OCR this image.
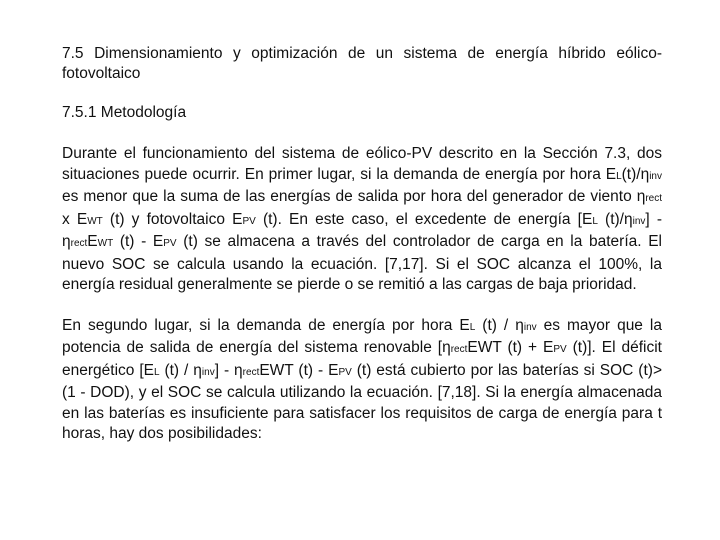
7.5 Dimensionamiento y optimización de un sistema de energía híbrido eólico-fotovoltaico

7.5.1 Metodología

Durante el funcionamiento del sistema de eólico-PV descrito en la Sección 7.3, dos situaciones puede ocurrir. En primer lugar, si la demanda de energía por hora EL(t)/ηinv es menor que la suma de las energías de salida por hora del generador de viento ηrect x EWT (t) y fotovoltaico EPV (t). En este caso, el excedente de energía [EL (t)/ηinv] - ηrectEWT (t) - EPV (t) se almacena a través del controlador de carga en la batería. El nuevo SOC se calcula usando la ecuación. [7,17]. Si el SOC alcanza el 100%, la energía residual generalmente se pierde o se remitió a las cargas de baja prioridad.

En segundo lugar, si la demanda de energía por hora EL (t) / ηinv es mayor que la potencia de salida de energía del sistema renovable [ηrectEWT (t) + EPV (t)]. El déficit energético [EL (t) / ηinv] - ηrectEWT (t) - EPV (t) está cubierto por las baterías si SOC (t)> (1 - DOD), y el SOC se calcula utilizando la ecuación. [7,18]. Si la energía almacenada en las baterías es insuficiente para satisfacer los requisitos de carga de energía para t horas, hay dos posibilidades:
